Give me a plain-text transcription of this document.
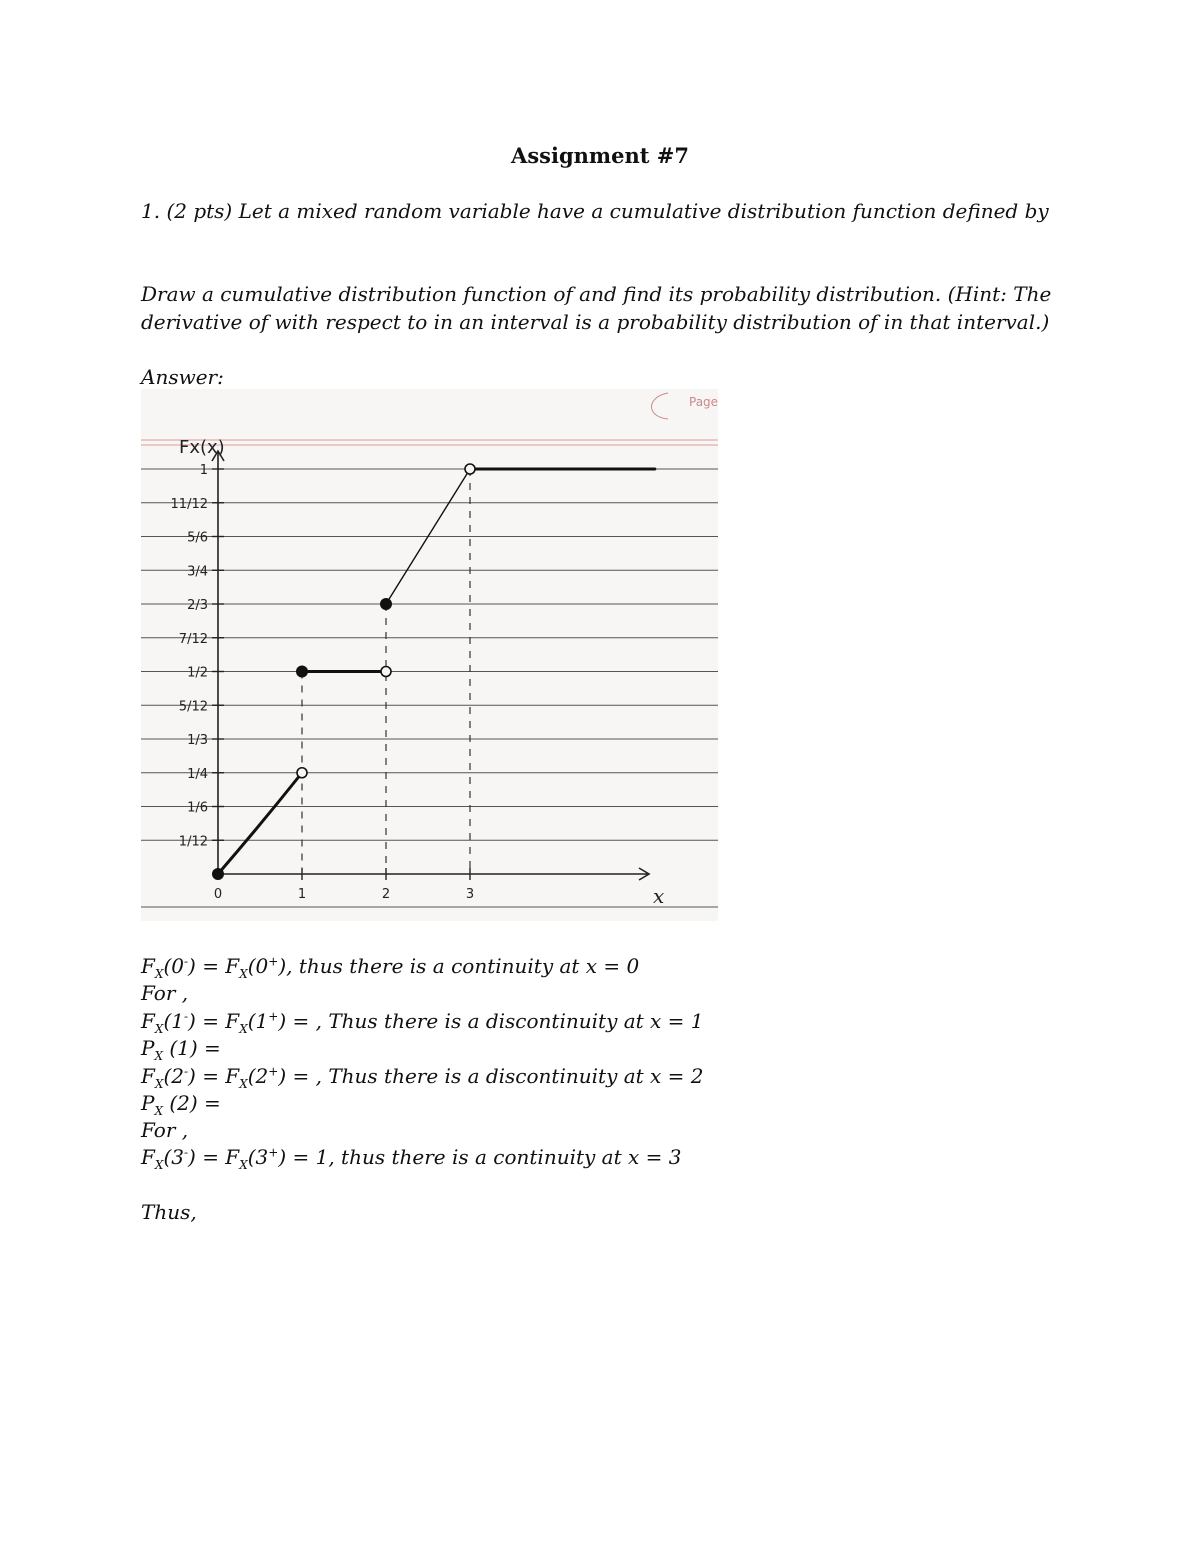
Assignment #7
1. (2 pts) Let a mixed random variable have a cumulative distribution function defined by
Draw a cumulative distribution function of and find its probability distribution. (Hint: The
derivative of with respect to in an interval is a probability distribution of in that interval.)
Answer:
Page
Fx(x)
x
1
11/12
5/6
3/4
2/3
7/12
1/2
5/12
1/3
1/4
1/6
1/12
0	1	2	3
$F_X(0^-) = F_X(0^+)$, thus there is a continuity at x = 0
For ,
$F_X(1^-) = F_X(1^+)$ = , Thus there is a discontinuity at x = 1
$P_X$ (1) =
$F_X(2^-) = F_X(2^+)$ = , Thus there is a discontinuity at x = 2
$P_X$ (2) =
For ,
$F_X(3^-) = F_X(3^+) = 1$, thus there is a continuity at x = 3
Thus,
